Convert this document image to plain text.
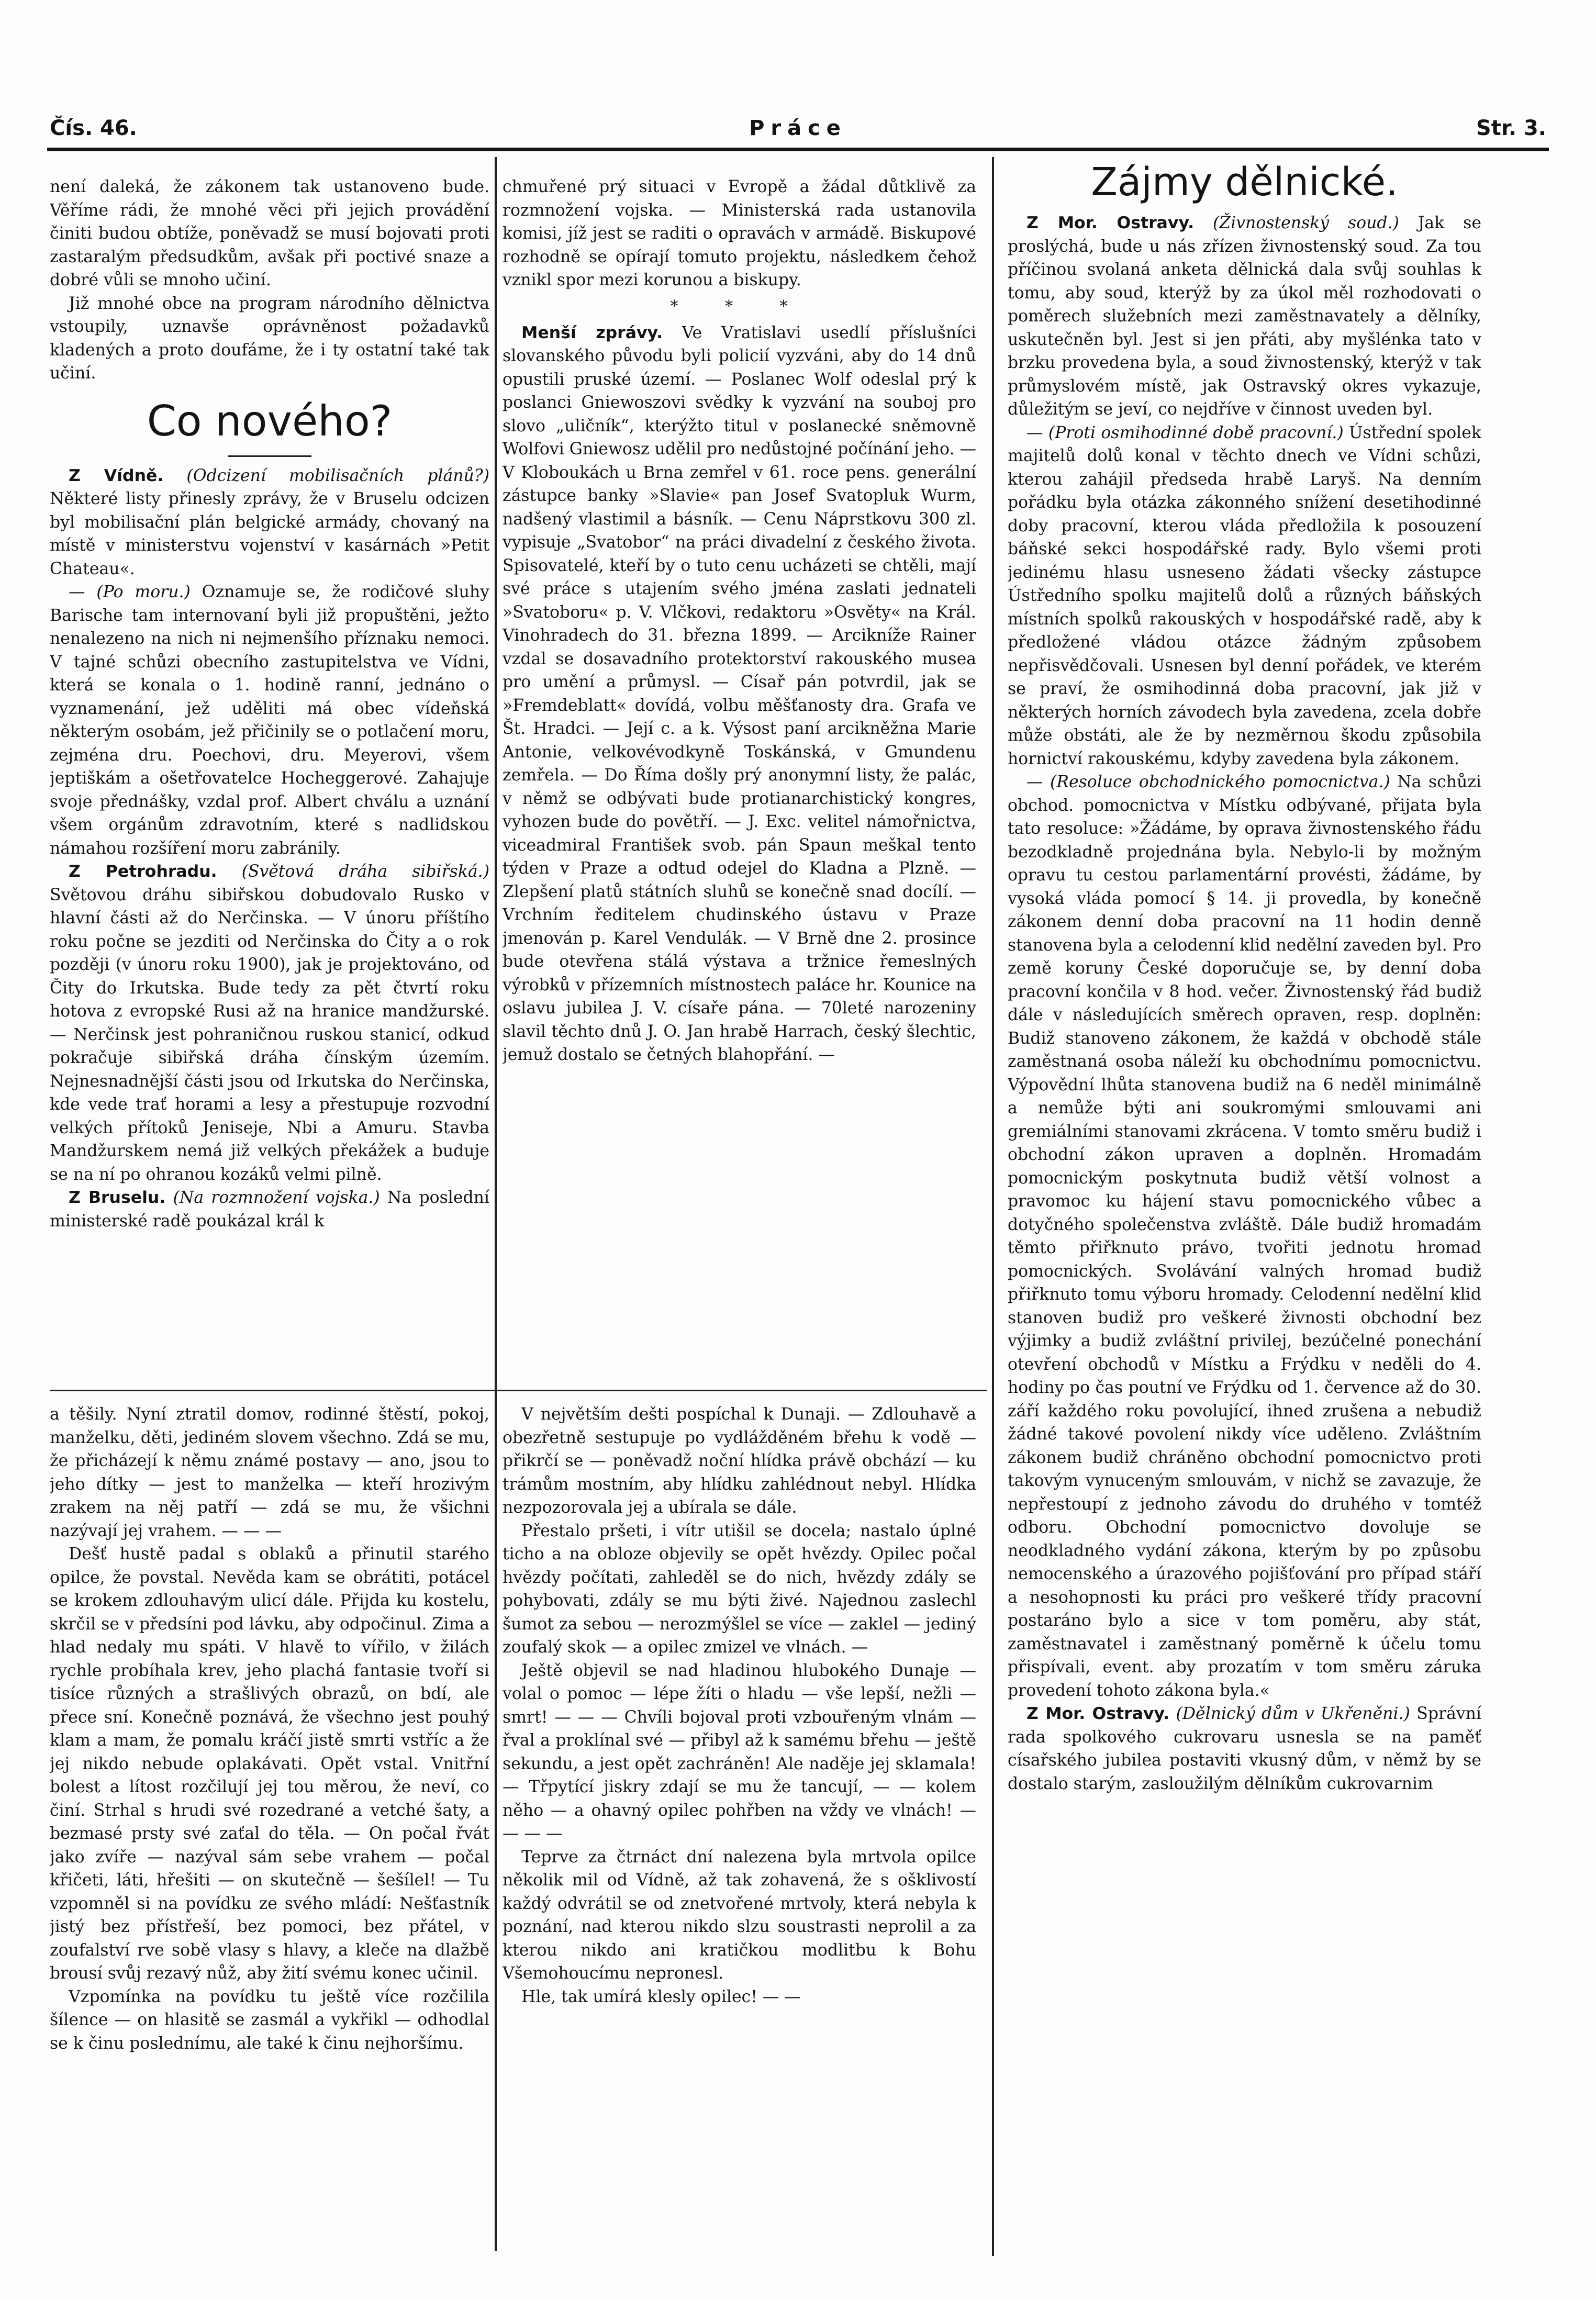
Čís. 46.	Práce	Str. 3.

není daleká, že zákonem tak ustanoveno bude. Věříme rádi, že mnohé věci při jejich provádění činiti budou obtíže, poněvadž se musí bojovati proti zastaralým předsudkům, avšak při poctivé snaze a dobré vůli se mnoho učiní.

Již mnohé obce na program národního dělnictva vstoupily, uznavše oprávněnost požadavků kladených a proto doufáme, že i ty ostatní také tak učiní.

Co nového?

Z Vídně. (Odcizení mobilisačních plánů?) Některé listy přinesly zprávy, že v Bruselu odcizen byl mobilisační plán belgické armády, chovaný na místě v ministerstvu vojenství v kasárnách »Petit Chateau«.

— (Po moru.) Oznamuje se, že rodičové sluhy Barische tam internovaní byli již propuštěni, ježto nenalezeno na nich ni nejmenšího příznaku nemoci. V tajné schůzi obecního zastupitelstva ve Vídni, která se konala o 1. hodině ranní, jednáno o vyznamenání, jež uděliti má obec vídeňská některým osobám, jež přičinily se o potlačení moru, zejména dru. Poechovi, dru. Meyerovi, všem jeptiškám a ošetřovatelce Hocheggerové. Zahajuje svoje přednášky, vzdal prof. Albert chválu a uznání všem orgánům zdravotním, které s nadlidskou námahou rozšíření moru zabránily.

Z Petrohradu. (Světová dráha sibiřská.) Světovou dráhu sibiřskou dobudovalo Rusko v hlavní části až do Nerčinska. — V únoru příštího roku počne se jezditi od Nerčinska do Čity a o rok později (v únoru roku 1900), jak je projektováno, od Čity do Irkutska. Bude tedy za pět čtvrtí roku hotova z evropské Rusi až na hranice mandžurské. — Nerčinsk jest pohraničnou ruskou stanicí, odkud pokračuje sibiřská dráha čínským územím. Nejnesnadnější části jsou od Irkutska do Nerčinska, kde vede trať horami a lesy a přestupuje rozvodní velkých přítoků Jeniseje, Nbi a Amuru. Stavba Mandžurskem nemá již velkých překážek a buduje se na ní po ohranou kozáků velmi pilně.

Z Bruselu. (Na rozmnožení vojska.) Na poslední ministerské radě poukázal král k

chmuřené prý situaci v Evropě a žádal důtklivě za rozmnožení vojska. — Ministerská rada ustanovila komisi, jíž jest se raditi o opravách v armádě. Biskupové rozhodně se opírají tomuto projektu, následkem čehož vznikl spor mezi korunou a biskupy.

* * *

Menší zprávy. Ve Vratislavi usedlí příslušníci slovanského původu byli policií vyzváni, aby do 14 dnů opustili pruské území. — Poslanec Wolf odeslal prý k poslanci Gniewoszovi svědky k vyzvání na souboj pro slovo „uličník“, kterýžto titul v poslanecké sněmovně Wolfovi Gniewosz udělil pro nedůstojné počínání jeho. — V Kloboukách u Brna zemřel v 61. roce pens. generální zástupce banky »Slavie« pan Josef Svatopluk Wurm, nadšený vlastimil a básník. — Cenu Náprstkovu 300 zl. vypisuje „Svatobor“ na práci divadelní z českého života. Spisovatelé, kteří by o tuto cenu ucházeti se chtěli, mají své práce s utajením svého jména zaslati jednateli »Svatoboru« p. V. Vlčkovi, redaktoru »Osvěty« na Král. Vinohradech do 31. března 1899. — Arcikníže Rainer vzdal se dosavadního protektorství rakouského musea pro umění a průmysl. — Císař pán potvrdil, jak se »Fremdeblatt« dovídá, volbu měšťanosty dra. Grafa ve Št. Hradci. — Její c. a k. Výsost paní arcikněžna Marie Antonie, velkovévodkyně Toskánská, v Gmundenu zemřela. — Do Říma došly prý anonymní listy, že palác, v němž se odbývati bude protianarchistický kongres, vyhozen bude do povětří. — J. Exc. velitel námořnictva, viceadmiral František svob. pán Spaun meškal tento týden v Praze a odtud odejel do Kladna a Plzně. — Zlepšení platů státních sluhů se konečně snad docílí. — Vrchním ředitelem chudinského ústavu v Praze jmenován p. Karel Vendulák. — V Brně dne 2. prosince bude otevřena stálá výstava a tržnice řemeslných výrobků v přízemních místnostech paláce hr. Kounice na oslavu jubilea J. V. císaře pána. — 70leté narozeniny slavil těchto dnů J. O. Jan hrabě Harrach, český šlechtic, jemuž dostalo se četných blahopřání. —

a těšily. Nyní ztratil domov, rodinné štěstí, pokoj, manželku, děti, jediném slovem všechno. Zdá se mu, že přicházejí k němu známé postavy — ano, jsou to jeho dítky — jest to manželka — kteří hrozivým zrakem na něj patří — zdá se mu, že všichni nazývají jej vrahem. — — —

Dešť hustě padal s oblaků a přinutil starého opilce, že povstal. Nevěda kam se obrátiti, potácel se krokem zdlouhavým ulicí dále. Přijda ku kostelu, skrčil se v předsíni pod lávku, aby odpočinul. Zima a hlad nedaly mu spáti. V hlavě to vířilo, v žilách rychle probíhala krev, jeho plachá fantasie tvoří si tisíce různých a strašlivých obrazů, on bdí, ale přece sní. Konečně poznává, že všechno jest pouhý klam a mam, že pomalu kráčí jistě smrti vstříc a že jej nikdo nebude oplakávati. Opět vstal. Vnitřní bolest a lítost rozčilují jej tou měrou, že neví, co činí. Strhal s hrudi své rozedrané a vetché šaty, a bezmasé prsty své zaťal do těla. — On počal řvát jako zvíře — nazýval sám sebe vrahem — počal křičeti, láti, hřešiti — on skutečně — šešílel! — Tu vzpomněl si na povídku ze svého mládí: Nešťastník jistý bez přístřeší, bez pomoci, bez přátel, v zoufalství rve sobě vlasy s hlavy, a kleče na dlažbě brousí svůj rezavý nůž, aby žití svému konec učinil.

Vzpomínka na povídku tu ještě více rozčilila šílence — on hlasitě se zasmál a vykřikl — odhodlal se k činu poslednímu, ale také k činu nejhoršímu.

V největším dešti pospíchal k Dunaji. — Zdlouhavě a obezřetně sestupuje po vydlážděném břehu k vodě — přikrčí se — poněvadž noční hlídka právě obchází — ku trámům mostním, aby hlídku zahlédnout nebyl. Hlídka nezpozorovala jej a ubírala se dále.

Přestalo pršeti, i vítr utišil se docela; nastalo úplné ticho a na obloze objevily se opět hvězdy. Opilec počal hvězdy počítati, zahleděl se do nich, hvězdy zdály se pohybovati, zdály se mu býti živé. Najednou zaslechl šumot za sebou — nerozmýšlel se více — zaklel — jediný zoufalý skok — a opilec zmizel ve vlnách. —

Ještě objevil se nad hladinou hlubokého Dunaje — volal o pomoc — lépe žíti o hladu — vše lepší, nežli — smrt! — — — Chvíli bojoval proti vzbouřeným vlnám — řval a proklínal své — přibyl až k samému břehu — ještě sekundu, a jest opět zachráněn! Ale naděje jej sklamala! — Třpytící jiskry zdají se mu že tancují, — — kolem něho — a ohavný opilec pohřben na vždy ve vlnách! — — — —

Teprve za čtrnáct dní nalezena byla mrtvola opilce několik mil od Vídně, až tak zohavená, že s ošklivostí každý odvrátil se od znetvořené mrtvoly, která nebyla k poznání, nad kterou nikdo slzu soustrasti neprolil a za kterou nikdo ani kratičkou modlitbu k Bohu Všemohoucímu nepronesl.

Hle, tak umírá klesly opilec! — —

Zájmy dělnické.

Z Mor. Ostravy. (Živnostenský soud.) Jak se proslýchá, bude u nás zřízen živnostenský soud. Za tou příčinou svolaná anketa dělnická dala svůj souhlas k tomu, aby soud, kterýž by za úkol měl rozhodovati o poměrech služebních mezi zaměstnavately a dělníky, uskutečněn byl. Jest si jen přáti, aby myšlénka tato v brzku provedena byla, a soud živnostenský, kterýž v tak průmyslovém místě, jak Ostravský okres vykazuje, důležitým se jeví, co nejdříve v činnost uveden byl.

— (Proti osmihodinné době pracovní.) Ústřední spolek majitelů dolů konal v těchto dnech ve Vídni schůzi, kterou zahájil předseda hrabě Laryš. Na denním pořádku byla otázka zákonného snížení desetihodinné doby pracovní, kterou vláda předložila k posouzení báňské sekci hospodářské rady. Bylo všemi proti jedinému hlasu usneseno žádati všecky zástupce Ústředního spolku majitelů dolů a různých báňských místních spolků rakouských v hospodářské radě, aby k předložené vládou otázce žádným způsobem nepřisvědčovali. Usnesen byl denní pořádek, ve kterém se praví, že osmihodinná doba pracovní, jak již v některých horních závodech byla zavedena, zcela dobře může obstáti, ale že by nezměrnou škodu způsobila hornictví rakouskému, kdyby zavedena byla zákonem.

— (Resoluce obchodnického pomocnictva.) Na schůzi obchod. pomocnictva v Místku odbývané, přijata byla tato resoluce: »Žádáme, by oprava živnostenského řádu bezodkladně projednána byla. Nebylo-li by možným opravu tu cestou parlamentární provésti, žádáme, by vysoká vláda pomocí § 14. ji provedla, by konečně zákonem denní doba pracovní na 11 hodin denně stanovena byla a celodenní klid nedělní zaveden byl. Pro země koruny České doporučuje se, by denní doba pracovní končila v 8 hod. večer. Živnostenský řád budiž dále v následujících směrech opraven, resp. doplněn: Budiž stanoveno zákonem, že každá v obchodě stále zaměstnaná osoba náleží ku obchodnímu pomocnictvu. Výpovědní lhůta stanovena budiž na 6 neděl minimálně a nemůže býti ani soukromými smlouvami ani gremiálními stanovami zkrácena. V tomto směru budiž i obchodní zákon upraven a doplněn. Hromadám pomocnickým poskytnuta budiž větší volnost a pravomoc ku hájení stavu pomocnického vůbec a dotyčného společenstva zvláště. Dále budiž hromadám těmto přiřknuto právo, tvořiti jednotu hromad pomocnických. Svolávání valných hromad budiž přiřknuto tomu výboru hromady. Celodenní nedělní klid stanoven budiž pro veškeré živnosti obchodní bez výjimky a budiž zvláštní privilej, bezúčelné ponechání otevření obchodů v Místku a Frýdku v neděli do 4. hodiny po čas poutní ve Frýdku od 1. července až do 30. září každého roku povolující, ihned zrušena a nebudiž žádné takové povolení nikdy více uděleno. Zvláštním zákonem budiž chráněno obchodní pomocnictvo proti takovým vynuceným smlouvám, v nichž se zavazuje, že nepřestoupí z jednoho závodu do druhého v tomtéž odboru. Obchodní pomocnictvo dovoluje se neodkladného vydání zákona, kterým by po způsobu nemocenského a úrazového pojišťování pro případ stáří a nesohopnosti ku práci pro veškeré třídy pracovní postaráno bylo a sice v tom poměru, aby stát, zaměstnavatel i zaměstnaný poměrně k účelu tomu přispívali, event. aby prozatím v tom směru záruka provedení tohoto zákona byla.«

Z Mor. Ostravy. (Dělnický dům v Ukřeněni.) Správní rada spolkového cukrovaru usnesla se na paměť císařského jubilea postaviti vkusný dům, v němž by se dostalo starým, zasloužilým dělníkům cukrovarnim
